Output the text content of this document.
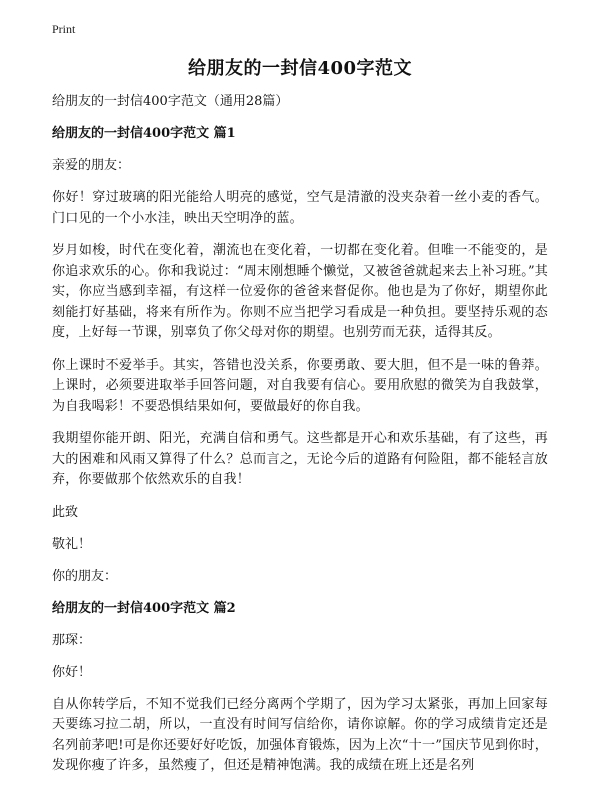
Print
给朋友的一封信400字范文

给朋友的一封信400字范文（通用28篇）

给朋友的一封信400字范文 篇1

亲爱的朋友：

你好！穿过玻璃的阳光能给人明亮的感觉，空气是清澈的没夹杂着一丝小麦的香气。门口见的一个小水洼，映出天空明净的蓝。

岁月如梭，时代在变化着，潮流也在变化着，一切都在变化着。但唯一不能变的，是你追求欢乐的心。你和我说过：“周末刚想睡个懒觉，又被爸爸就起来去上补习班。”其实，你应当感到幸福，有这样一位爱你的爸爸来督促你。他也是为了你好，期望你此刻能打好基础，将来有所作为。你则不应当把学习看成是一种负担。要坚持乐观的态度，上好每一节课，别辜负了你父母对你的期望。也别劳而无获，适得其反。

你上课时不爱举手。其实，答错也没关系，你要勇敢、要大胆，但不是一味的鲁莽。上课时，必须要进取举手回答问题，对自我要有信心。要用欣慰的微笑为自我鼓掌，为自我喝彩！不要恐惧结果如何，要做最好的你自我。

我期望你能开朗、阳光，充满自信和勇气。这些都是开心和欢乐基础，有了这些，再大的困难和风雨又算得了什么？总而言之，无论今后的道路有何险阻，都不能轻言放弃，你要做那个依然欢乐的自我！

此致

敬礼！

你的朋友：

给朋友的一封信400字范文 篇2

那琛：

你好！

自从你转学后，不知不觉我们已经分离两个学期了，因为学习太紧张，再加上回家每天要练习拉二胡，所以，一直没有时间写信给你，请你谅解。你的学习成绩肯定还是名列前茅吧!可是你还要好好吃饭，加强体育锻炼，因为上次“十一”国庆节见到你时，发现你瘦了许多，虽然瘦了，但还是精神饱满。我的成绩在班上还是名列
